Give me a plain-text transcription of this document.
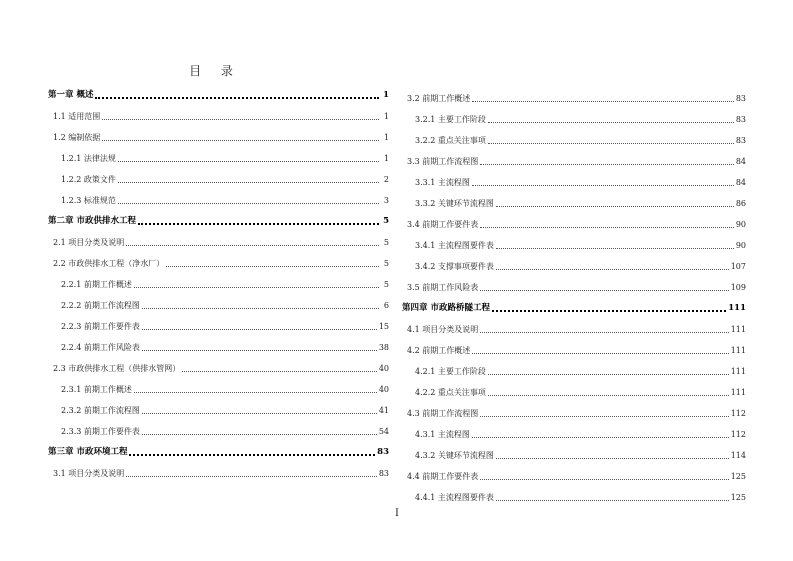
目 录
第一章 概述	1
1.1 适用范围	1
1.2 编制依据	1
1.2.1 法律法规	1
1.2.2 政策文件	2
1.2.3 标准规范	3
第二章 市政供排水工程	5
2.1 项目分类及说明	5
2.2 市政供排水工程（净水厂）	5
2.2.1 前期工作概述	5
2.2.2 前期工作流程图	6
2.2.3 前期工作要件表	15
2.2.4 前期工作风险表	38
2.3 市政供排水工程（供排水管网）	40
2.3.1 前期工作概述	40
2.3.2 前期工作流程图	41
2.3.3 前期工作要件表	54
第三章 市政环境工程	83
3.1 项目分类及说明	83
3.2 前期工作概述	83
3.2.1 主要工作阶段	83
3.2.2 重点关注事项	83
3.3 前期工作流程图	84
3.3.1 主流程图	84
3.3.2 关键环节流程图	86
3.4 前期工作要件表	90
3.4.1 主流程图要件表	90
3.4.2 支撑事项要件表	107
3.5 前期工作风险表	109
第四章 市政路桥隧工程	111
4.1 项目分类及说明	111
4.2 前期工作概述	111
4.2.1 主要工作阶段	111
4.2.2 重点关注事项	111
4.3 前期工作流程图	112
4.3.1 主流程图	112
4.3.2 关键环节流程图	114
4.4 前期工作要件表	125
4.4.1 主流程图要件表	125
I
